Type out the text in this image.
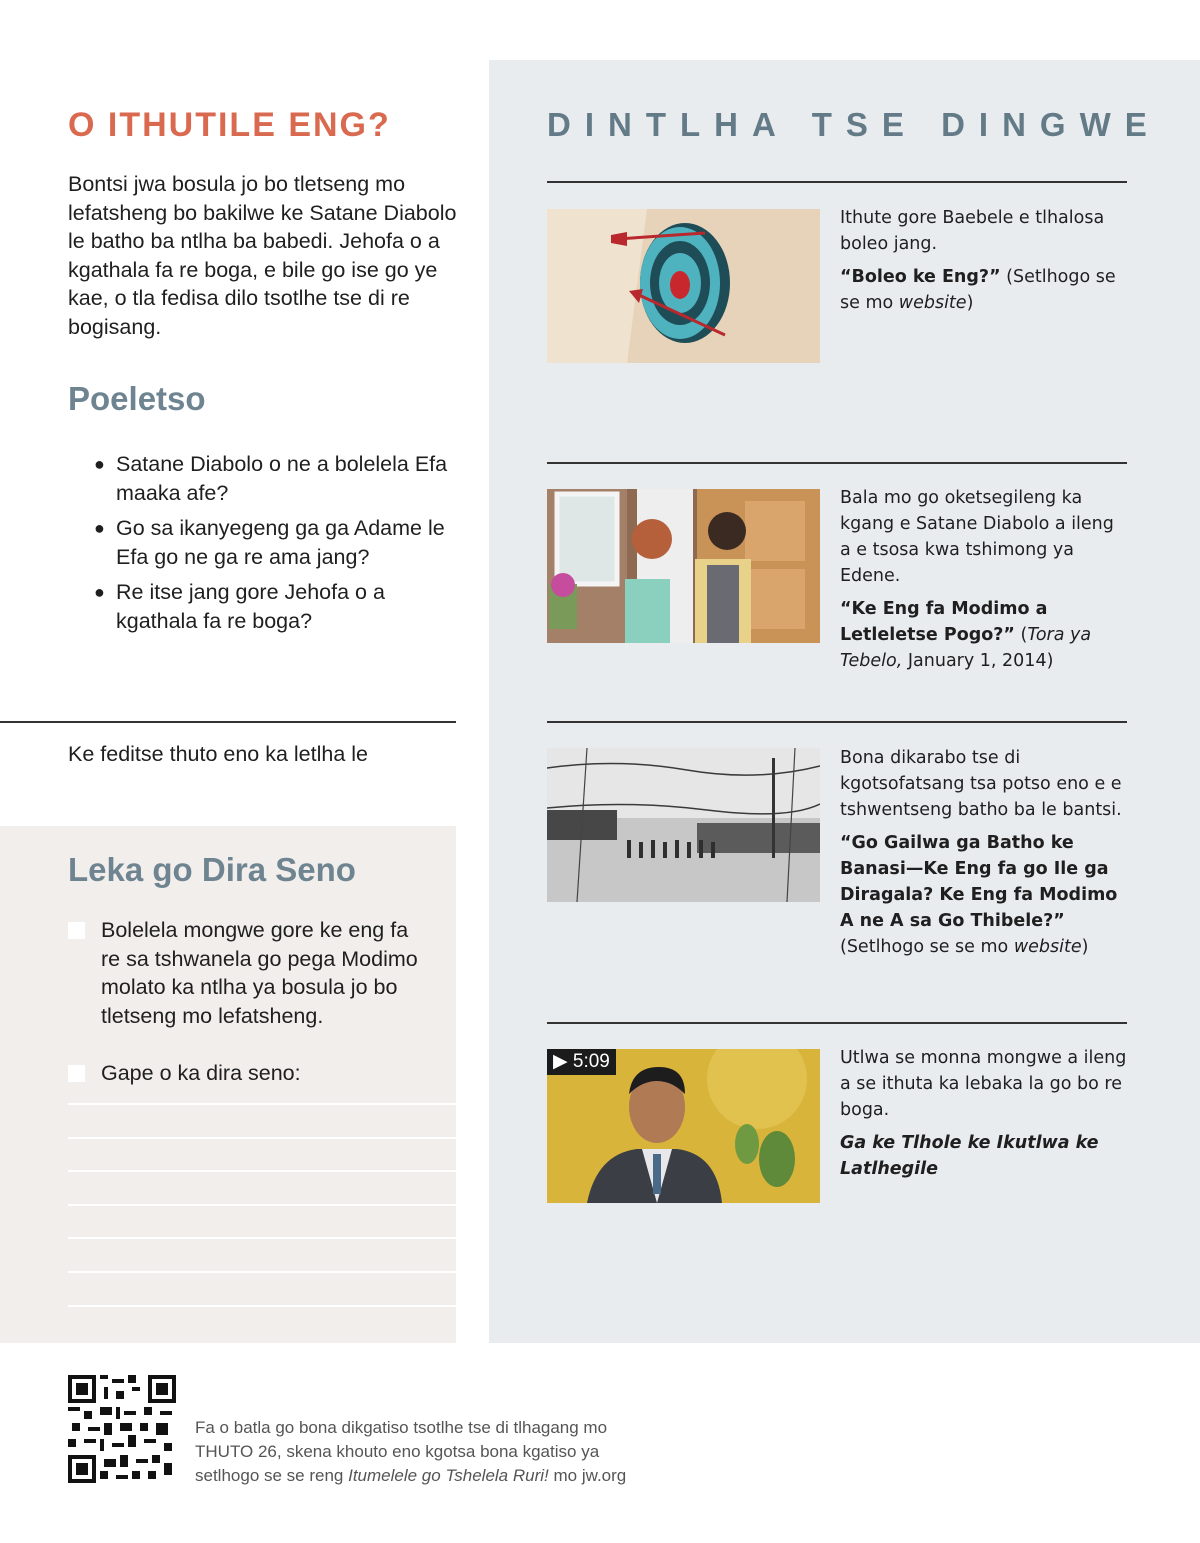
O ITHUTILE ENG?

Bontsi jwa bosula jo bo tletseng mo lefatsheng bo bakilwe ke Satane Diabolo le batho ba ntlha ba babedi. Jehofa o a kgathala fa re boga, e bile go ise go ye kae, o tla fedisa dilo tsotlhe tse di re bogisang.

Poeletso
● Satane Diabolo o ne a bolelela Efa maaka afe?
● Go sa ikanyegeng ga ga Adame le Efa go ne ga re ama jang?
● Re itse jang gore Jehofa o a kgathala fa re boga?

Ke feditse thuto eno ka letlha le

Leka go Dira Seno
Bolelela mongwe gore ke eng fa re sa tshwanela go pega Modimo molato ka ntlha ya bosula jo bo tletseng mo lefatsheng.
Gape o ka dira seno:
DINTLHA TSE DINGWE
Ithute gore Baebele e tlhalosa boleo jang.
“Boleo ke Eng?” (Setlhogo se se mo website)
Bala mo go oketsegileng ka kgang e Satane Diabolo a ileng a e tsosa kwa tshimong ya Edene.
“Ke Eng fa Modimo a Letleletse Pogo?” (Tora ya Tebelo, January 1, 2014)
Bona dikarabo tse di kgotsofatsang tsa potso eno e e tshwentseng batho ba le bantsi.
“Go Gailwa ga Batho ke Banasi—Ke Eng fa go Ile ga Diragala? Ke Eng fa Modimo A ne A sa Go Thibele?” (Setlhogo se se mo website)
▶ 5:09	Utlwa se monna mongwe a ileng a se ithuta ka lebaka la go bo re boga.
Ga ke Tlhole ke Ikutlwa ke Latlhegile
Fa o batla go bona dikgatiso tsotlhe tse di tlhagang mo
THUTO 26, skena khouto eno kgotsa bona kgatiso ya
setlhogo se se reng Itumelele go Tshelela Ruri! mo jw.org
